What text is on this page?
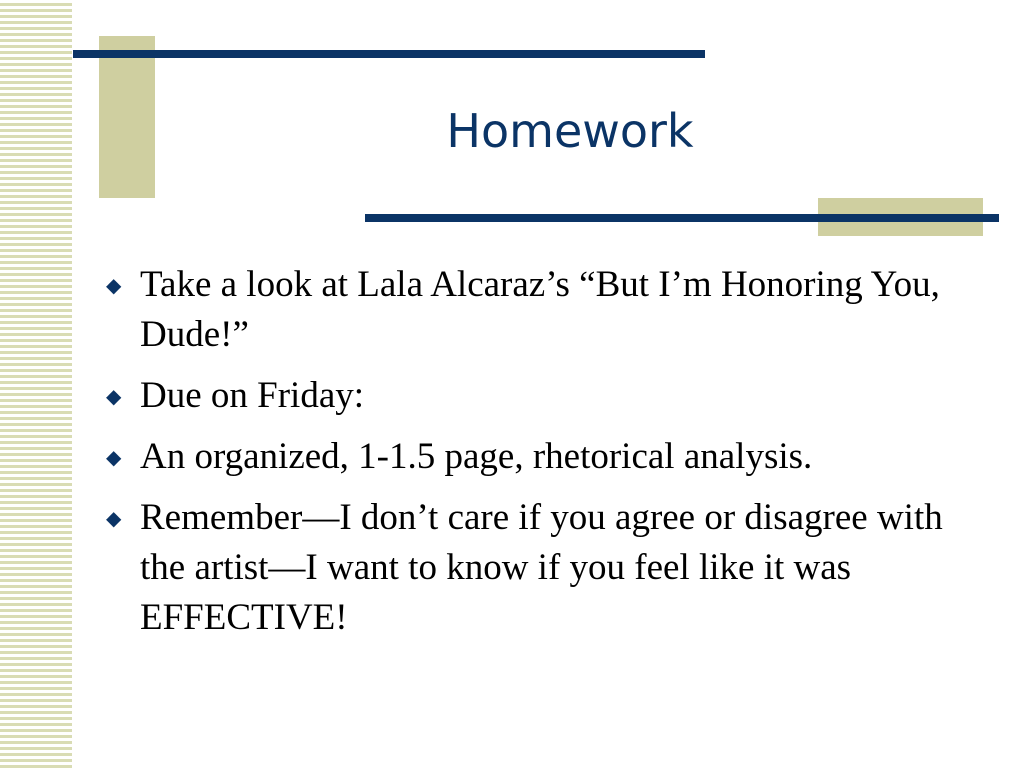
Homework
◆ Take a look at Lala Alcaraz’s “But I’m Honoring You, Dude!”
◆ Due on Friday:
◆ An organized, 1-1.5 page, rhetorical analysis.
◆ Remember—I don’t care if you agree or disagree with the artist—I want to know if you feel like it was EFFECTIVE!
